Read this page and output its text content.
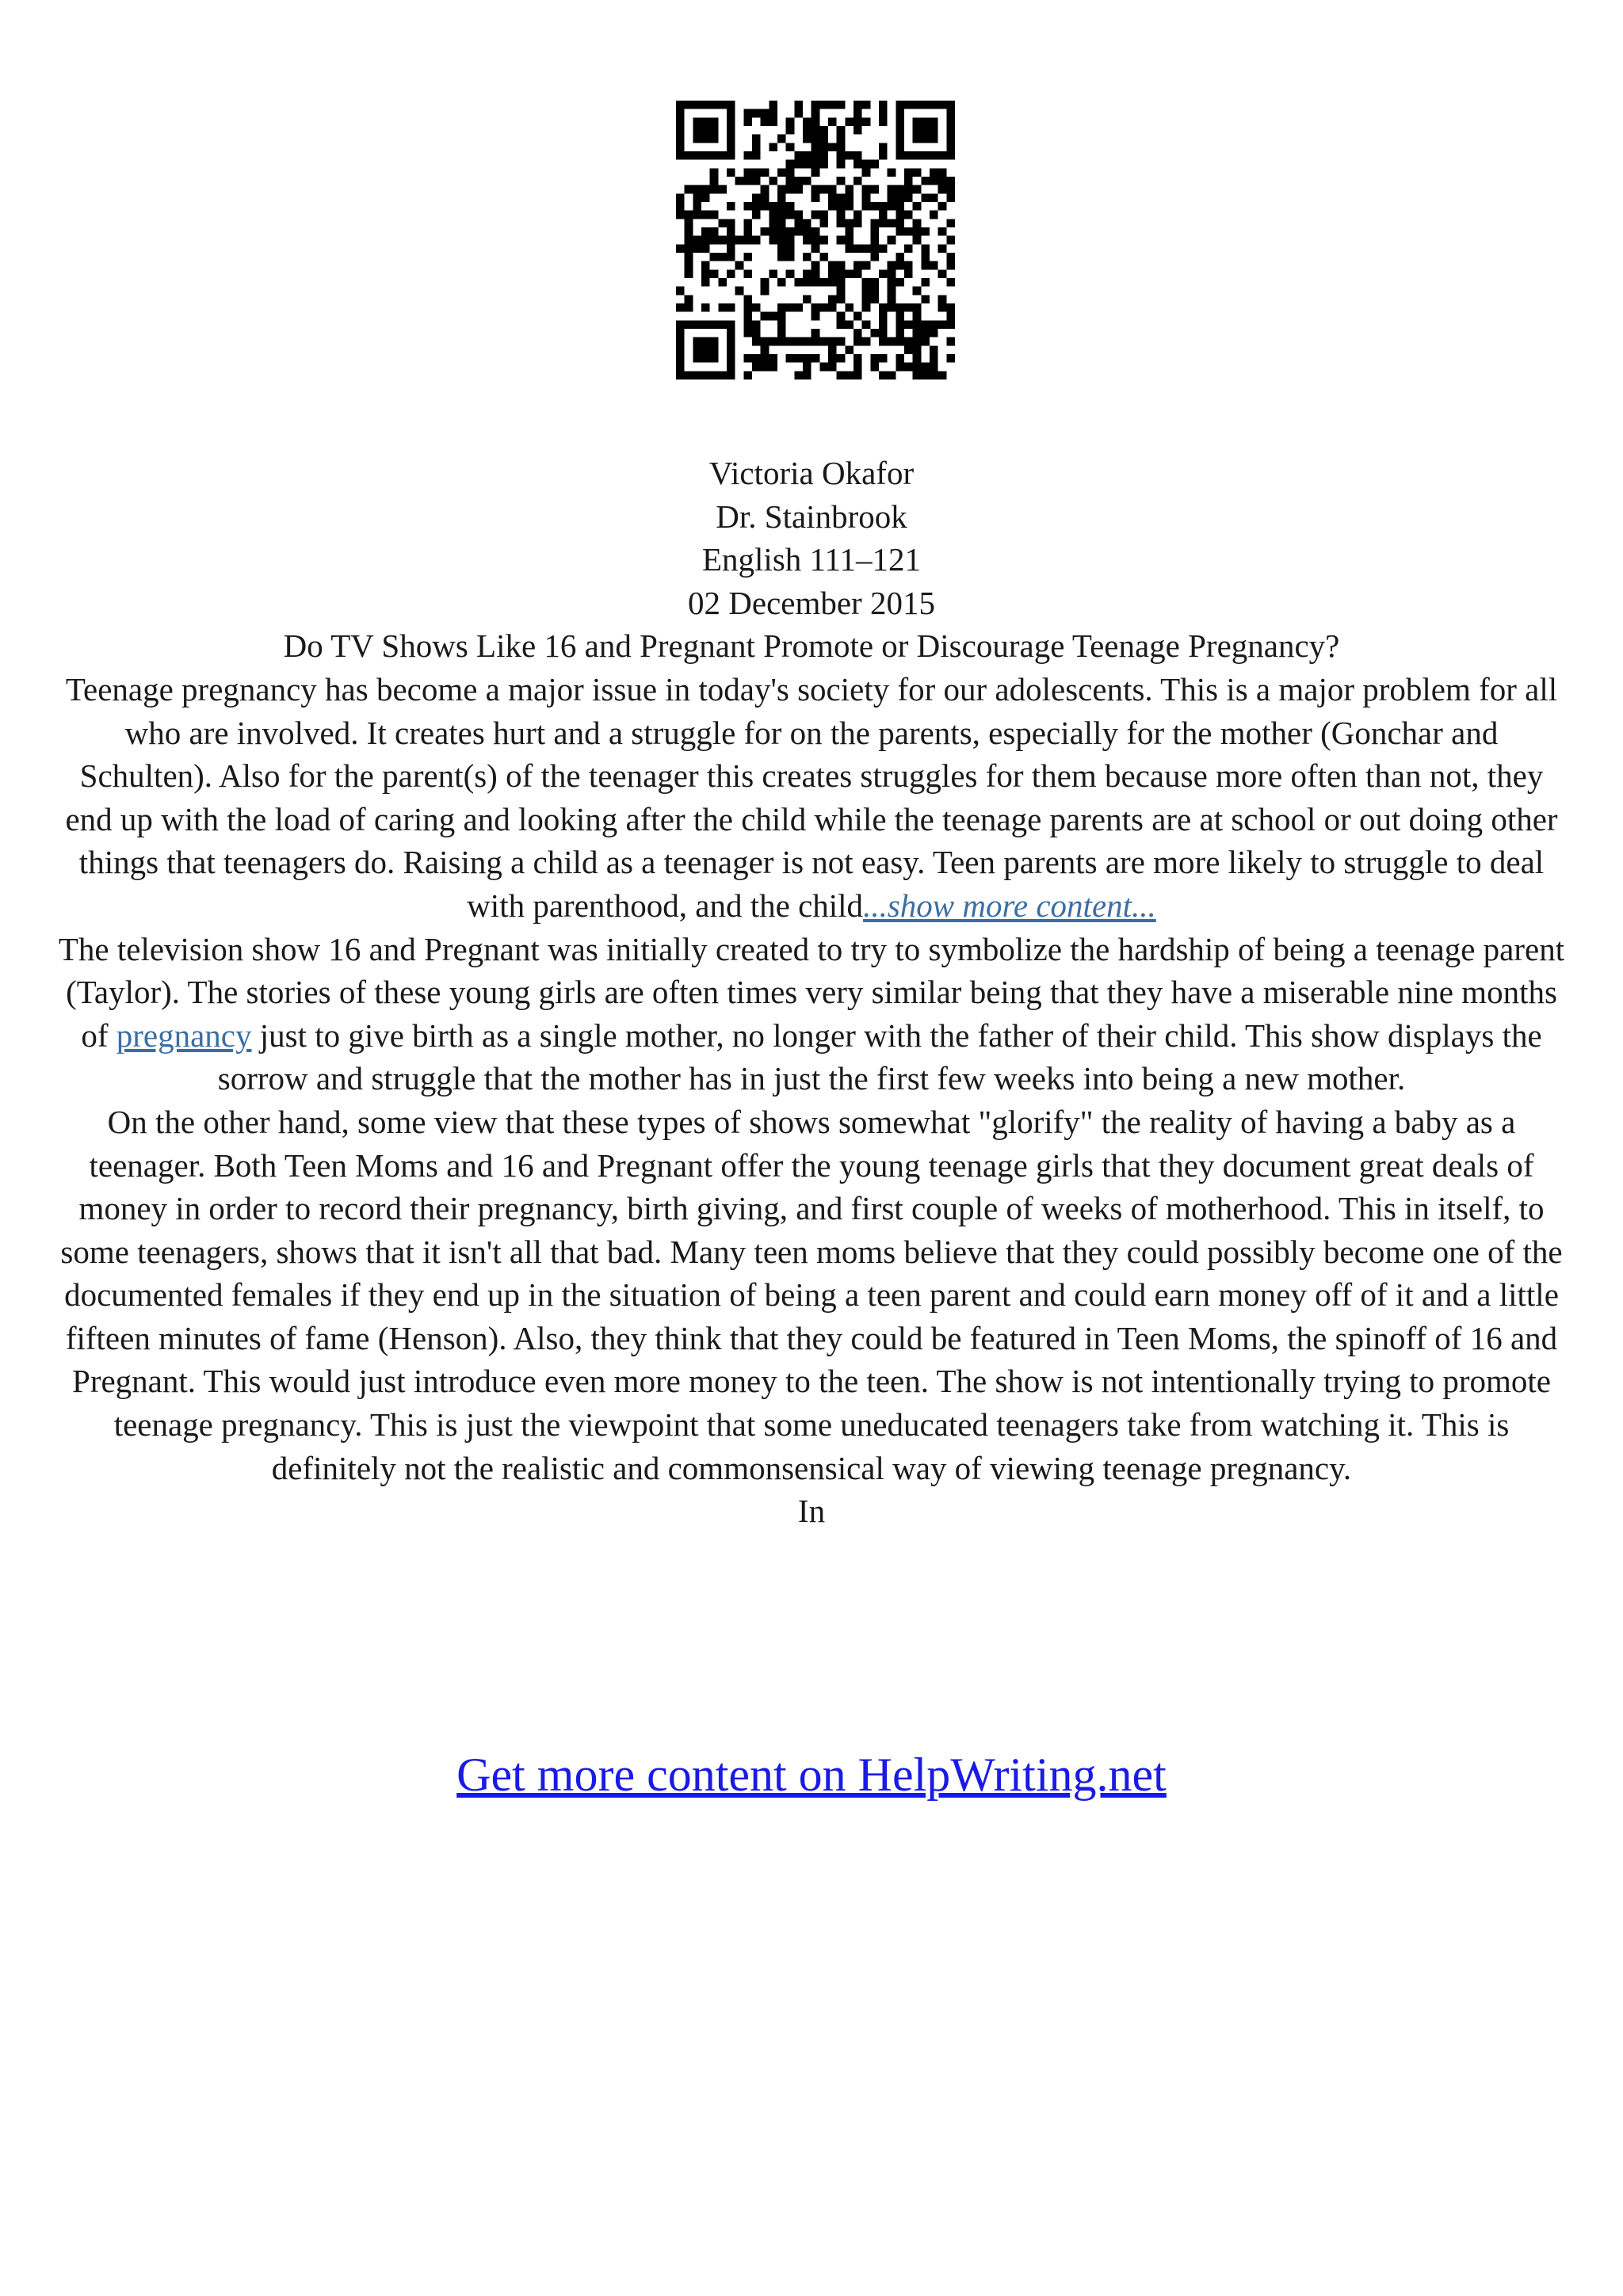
Victoria Okafor

Dr. Stainbrook

English 111–121

02 December 2015

Do TV Shows Like 16 and Pregnant Promote or Discourage Teenage Pregnancy?

Teenage pregnancy has become a major issue in today's society for our adolescents. This is a major problem for all who are involved. It creates hurt and a struggle for on the parents, especially for the mother (Gonchar and Schulten). Also for the parent(s) of the teenager this creates struggles for them because more often than not, they end up with the load of caring and looking after the child while the teenage parents are at school or out doing other things that teenagers do. Raising a child as a teenager is not easy. Teen parents are more likely to struggle to deal with parenthood, and the child...show more content...

The television show 16 and Pregnant was initially created to try to symbolize the hardship of being a teenage parent (Taylor). The stories of these young girls are often times very similar being that they have a miserable nine months of pregnancy just to give birth as a single mother, no longer with the father of their child. This show displays the sorrow and struggle that the mother has in just the first few weeks into being a new mother.

On the other hand, some view that these types of shows somewhat "glorify" the reality of having a baby as a teenager. Both Teen Moms and 16 and Pregnant offer the young teenage girls that they document great deals of money in order to record their pregnancy, birth giving, and first couple of weeks of motherhood. This in itself, to some teenagers, shows that it isn't all that bad. Many teen moms believe that they could possibly become one of the documented females if they end up in the situation of being a teen parent and could earn money off of it and a little fifteen minutes of fame (Henson). Also, they think that they could be featured in Teen Moms, the spinoff of 16 and Pregnant. This would just introduce even more money to the teen. The show is not intentionally trying to promote teenage pregnancy. This is just the viewpoint that some uneducated teenagers take from watching it. This is definitely not the realistic and commonsensical way of viewing teenage pregnancy.

In

Get more content on HelpWriting.net
